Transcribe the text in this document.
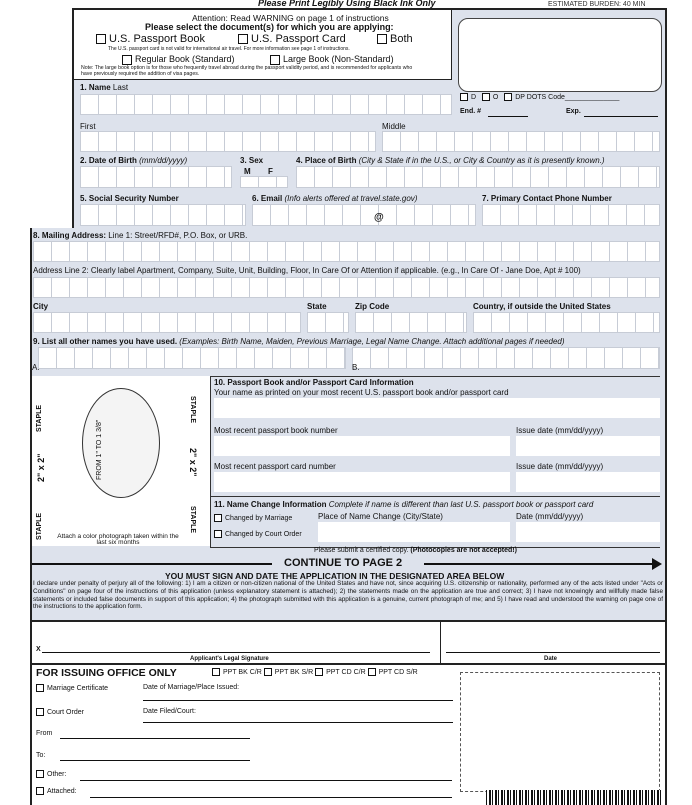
Please Print Legibly Using Black Ink Only	ESTIMATED BURDEN: 40 MIN
Attention: Read WARNING on page 1 of instructions
Please select the document(s) for which you are applying:
U.S. Passport Book	U.S. Passport Card	Both
The U.S. passport card is not valid for international air travel. For more information see page 1 of instructions.
Regular Book (Standard)	Large Book (Non-Standard)
Note: The large book option is for those who frequently travel abroad during the passport validity period, and is recommended for applicants who have previously required the addition of visa pages.
D O DP DOTS Code______________
End. #	Exp.
1. Name Last
First	Middle
2. Date of Birth (mm/dd/yyyy)	3. Sex
M F
4. Place of Birth (City & State if in the U.S., or City & Country as it is presently known.)
5. Social Security Number	6. Email (Info alerts offered at travel.state.gov)	7. Primary Contact Phone Number
@
8. Mailing Address: Line 1: Street/RFD#, P.O. Box, or URB.
Address Line 2: Clearly label Apartment, Company, Suite, Unit, Building, Floor, In Care Of or Attention if applicable. (e.g., In Care Of - Jane Doe, Apt # 100)
City	State	Zip Code	Country, if outside the United States
9. List all other names you have used. (Examples: Birth Name, Maiden, Previous Marriage, Legal Name Change. Attach additional pages if needed)
A.	B.
FROM 1" TO 1 3/8"
STAPLE
STAPLE
2" x 2"
STAPLE
STAPLE
2" x 2"
Attach a color photograph taken within the last six months
10. Passport Book and/or Passport Card Information
Your name as printed on your most recent U.S. passport book and/or passport card
Most recent passport book number	Issue date (mm/dd/yyyy)
Most recent passport card number	Issue date (mm/dd/yyyy)
11. Name Change Information Complete if name is different than last U.S. passport book or passport card
Changed by Marriage
Changed by Court Order
Place of Name Change (City/State)	Date (mm/dd/yyyy)
Please submit a certified copy. (Photocopies are not accepted!)
CONTINUE TO PAGE 2
YOU MUST SIGN AND DATE THE APPLICATION IN THE DESIGNATED AREA BELOW
I declare under penalty of perjury all of the following: 1) I am a citizen or non-citizen national of the United States and have not, since acquiring U.S. citizenship or nationality, performed any of the acts listed under "Acts or Conditions" on page four of the instructions of this application (unless explanatory statement is attached); 2) the statements made on the application are true and correct; 3) I have not knowingly and willfully made false statements or included false documents in support of this application; 4) the photograph submitted with this application is a genuine, current photograph of me; and 5) I have read and understood the warning on page one of the instructions to the application form.
X
Applicant's Legal Signature	Date
FOR ISSUING OFFICE ONLY	PPT BK C/R PPT BK S/R PPT CD C/R PPT CD S/R
Marriage Certificate	Date of Marriage/Place Issued:
Court Order	Date Filed/Court:
From
To:
Other:
Attached:
